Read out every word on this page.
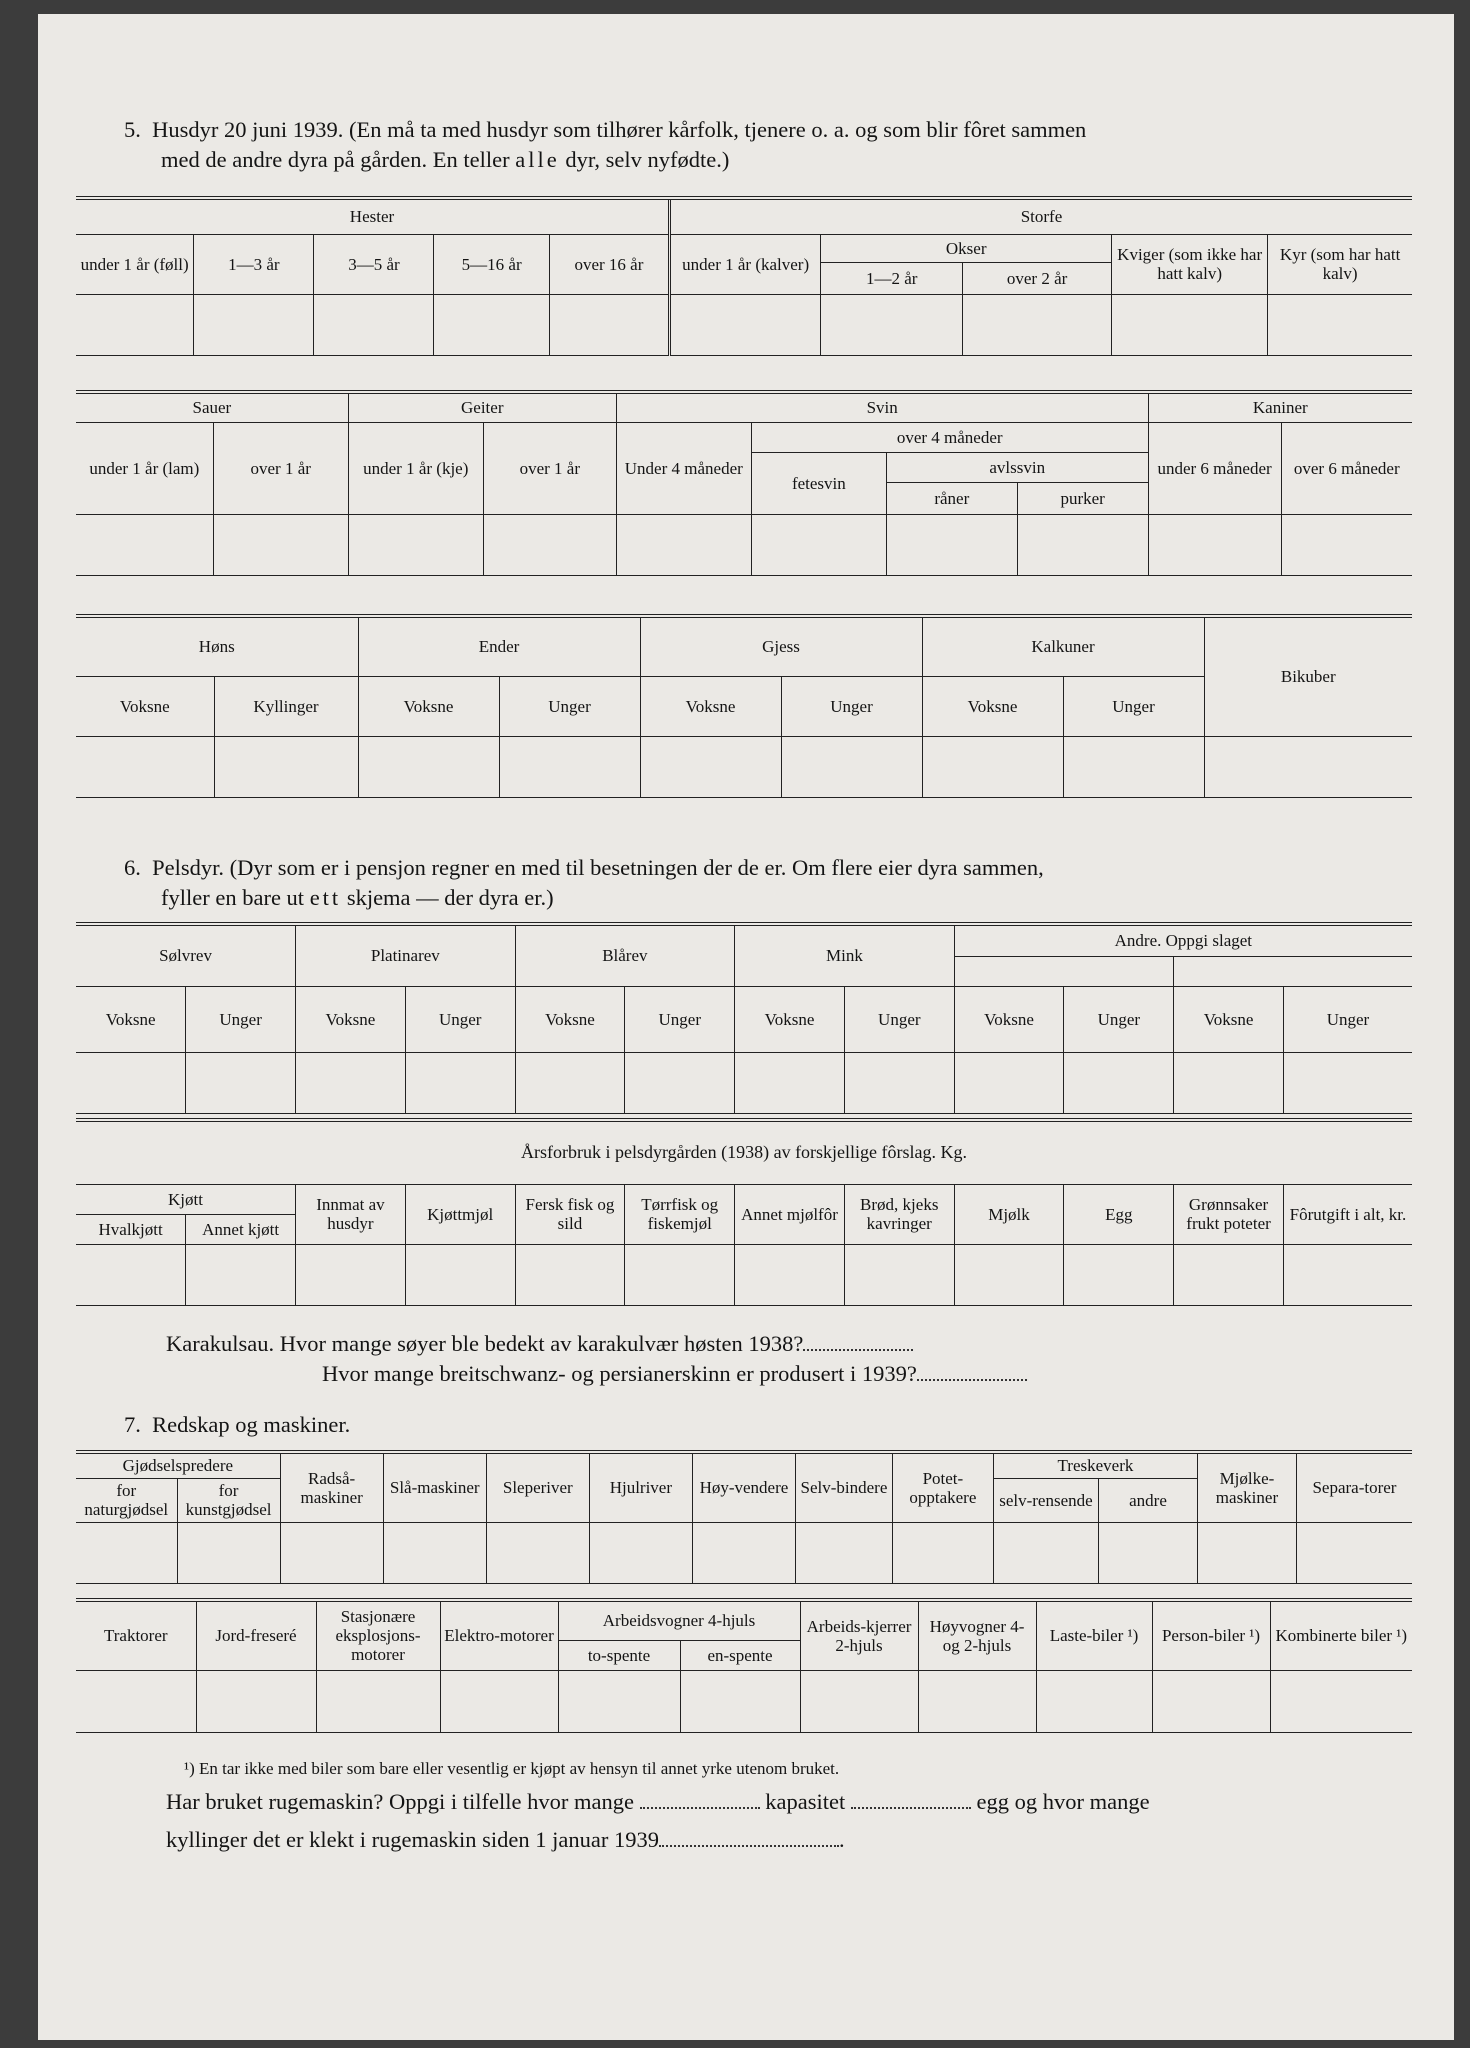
5. Husdyr 20 juni 1939. (En må ta med husdyr som tilhører kårfolk, tjenere o. a. og som blir fôret sammen
med de andre dyra på gården. En teller alle dyr, selv nyfødte.)
Hester					Storfe				
under 1 år (føll)	1—3 år	3—5 år	5—16 år	over 16 år	under 1 år (kalver)	Okser		Kviger (som ikke har hatt kalv)	Kyr (som har hatt kalv)
						1—2 år	over 2 år		

Sauer		Geiter		Svin				Kaniner	
under 1 år (lam)	over 1 år	under 1 år (kje)	over 1 år	Under 4 måneder	over 4 måneder			under 6 måneder	over 6 måneder
					fetesvin	avlssvin			
						råner	purker		

Høns		Ender		Gjess		Kalkuner		Bikuber
Voksne	Kyllinger	Voksne	Unger	Voksne	Unger	Voksne	Unger	

6. Pelsdyr. (Dyr som er i pensjon regner en med til besetningen der de er. Om flere eier dyra sammen,
fyller en bare ut ett skjema — der dyra er.)
Sølvrev		Platinarev		Blårev		Mink		Andre. Oppgi slaget			

Voksne	Unger	Voksne	Unger	Voksne	Unger	Voksne	Unger	Voksne	Unger	Voksne	Unger

Årsforbruk i pelsdyrgården (1938) av forskjellige fôrslag. Kg.											
Kjøtt		Innmat av husdyr	Kjøttmjøl	Fersk fisk og sild	Tørrfisk og fiskemjøl	Annet mjølfôr	Brød, kjeks kavringer	Mjølk	Egg	Grønnsaker frukt poteter	Fôrutgift i alt, kr.
Hvalkjøtt	Annet kjøtt										

Karakulsau. Hvor mange søyer ble bedekt av karakulvær høsten 1938?
Hvor mange breitschwanz- og persianerskinn er produsert i 1939?
7. Redskap og maskiner.
Gjødselspredere		Radså-maskiner	Slå-maskiner	Sleperiver	Hjulriver	Høy-vendere	Selv-bindere	Potet-opptakere	Treskeverk		Mjølke-maskiner	Separa-torer
for naturgjødsel	for kunstgjødsel								selv-rensende	andre		

Traktorer	Jord-freseré	Stasjonære eksplosjons-motorer	Elektro-motorer	Arbeidsvogner 4-hjuls		Arbeids-kjerrer 2-hjuls	Høyvogner 4- og 2-hjuls	Laste-biler ¹)	Person-biler ¹)	Kombinerte biler ¹)
				to-spente	en-spente					

¹) En tar ikke med biler som bare eller vesentlig er kjøpt av hensyn til annet yrke utenom bruket.
Har bruket rugemaskin? Oppgi i tilfelle hvor mange	kapasitet	egg og hvor mange
kyllinger det er klekt i rugemaskin siden 1 januar 1939	.
